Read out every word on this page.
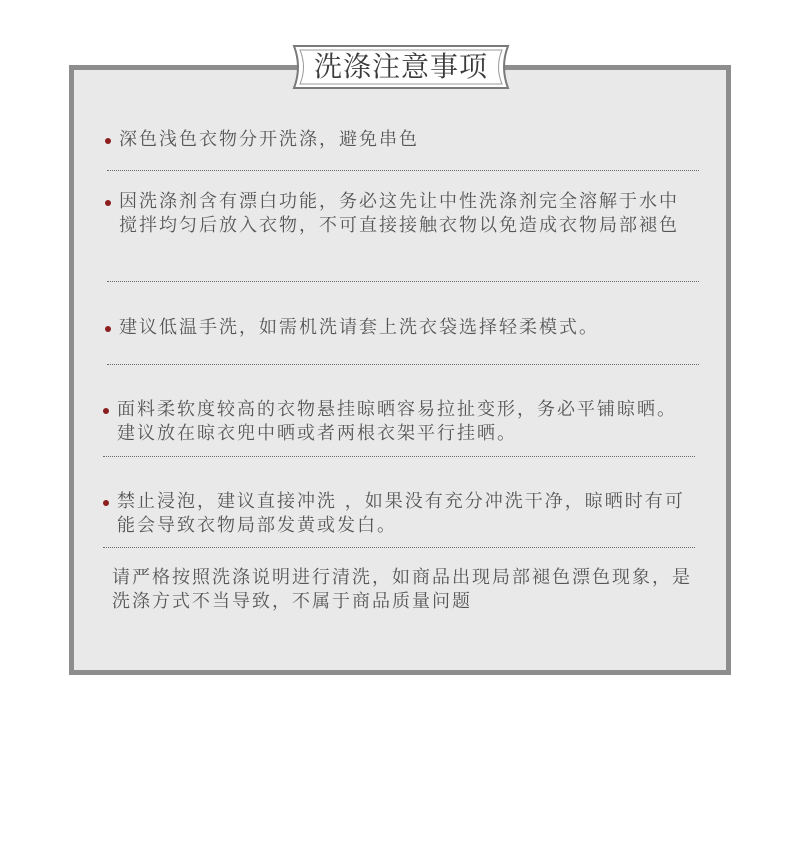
洗涤注意事项
深色浅色衣物分开洗涤，避免串色
因洗涤剂含有漂白功能，务必这先让中性洗涤剂完全溶解于水中搅拌均匀后放入衣物，不可直接接触衣物以免造成衣物局部褪色
建议低温手洗，如需机洗请套上洗衣袋选择轻柔模式。
面料柔软度较高的衣物悬挂晾晒容易拉扯变形，务必平铺晾晒。建议放在晾衣兜中晒或者两根衣架平行挂晒。
禁止浸泡，建议直接冲洗 ，如果没有充分冲洗干净，晾晒时有可能会导致衣物局部发黄或发白。
请严格按照洗涤说明进行清洗，如商品出现局部褪色漂色现象，是洗涤方式不当导致，不属于商品质量问题
